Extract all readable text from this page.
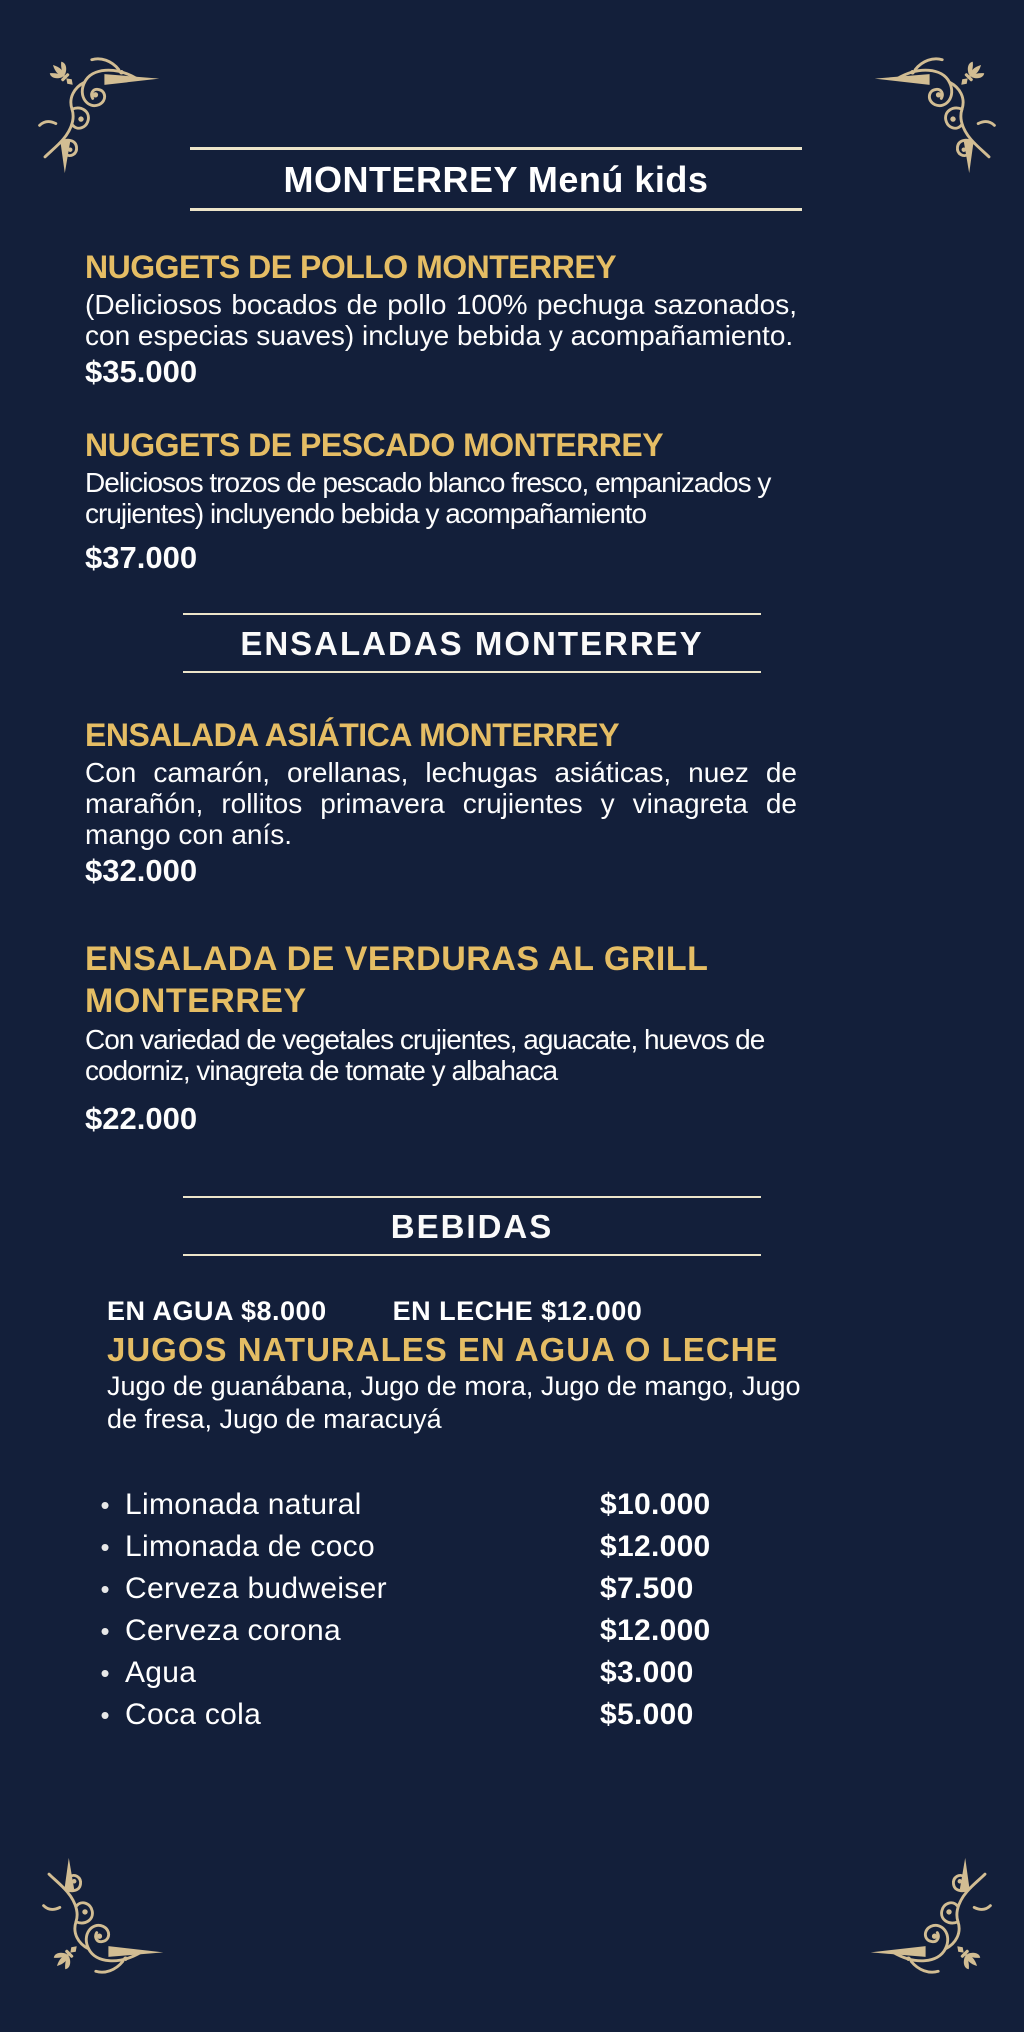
MONTERREY Menú kids
NUGGETS DE POLLO MONTERREY

(Deliciosos bocados de pollo 100% pechuga sazonados, con especias suaves) incluye bebida y acompañamiento.

$35.000
NUGGETS DE PESCADO MONTERREY

Deliciosos trozos de pescado blanco fresco, empanizados y crujientes) incluyendo bebida y acompañamiento

$37.000
ENSALADAS MONTERREY
ENSALADA ASIÁTICA MONTERREY

Con camarón, orellanas, lechugas asiáticas, nuez de marañón, rollitos primavera crujientes y vinagreta de mango con anís.

$32.000
ENSALADA DE VERDURAS AL GRILL MONTERREY

Con variedad de vegetales crujientes, aguacate, huevos de codorniz, vinagreta de tomate y albahaca

$22.000
BEBIDAS
EN AGUA $8.000 EN LECHE $12.000
JUGOS NATURALES EN AGUA O LECHE

Jugo de guanábana, Jugo de mora, Jugo de mango, Jugo de fresa, Jugo de maracuyá

• Limonada natural	$10.000
• Limonada de coco	$12.000
• Cerveza budweiser	$7.500
• Cerveza corona	$12.000
• Agua	$3.000
• Coca cola	$5.000
